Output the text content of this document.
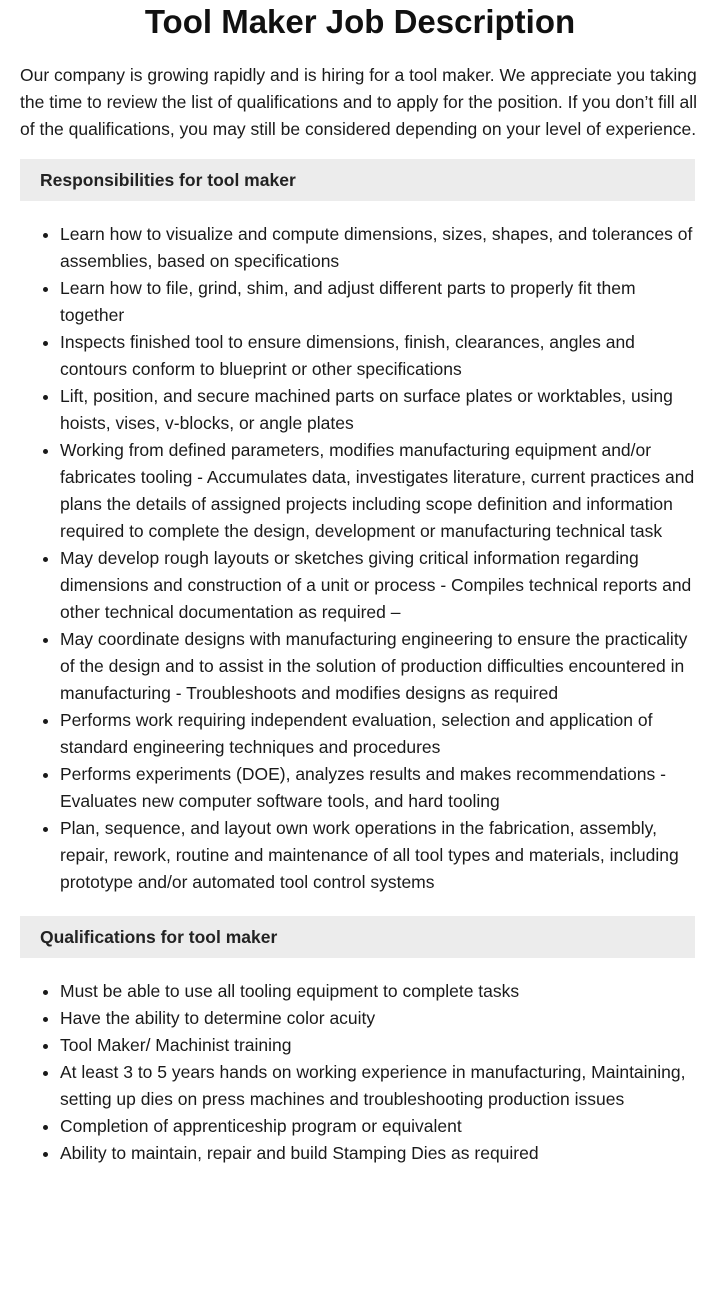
Tool Maker Job Description

Our company is growing rapidly and is hiring for a tool maker. We appreciate you taking the time to review the list of qualifications and to apply for the position. If you don’t fill all of the qualifications, you may still be considered depending on your level of experience.

Responsibilities for tool maker
• Learn how to visualize and compute dimensions, sizes, shapes, and tolerances of assemblies, based on specifications
• Learn how to file, grind, shim, and adjust different parts to properly fit them together
• Inspects finished tool to ensure dimensions, finish, clearances, angles and contours conform to blueprint or other specifications
• Lift, position, and secure machined parts on surface plates or worktables, using hoists, vises, v-blocks, or angle plates
• Working from defined parameters, modifies manufacturing equipment and/or fabricates tooling - Accumulates data, investigates literature, current practices and plans the details of assigned projects including scope definition and information required to complete the design, development or manufacturing technical task
• May develop rough layouts or sketches giving critical information regarding dimensions and construction of a unit or process - Compiles technical reports and other technical documentation as required –
• May coordinate designs with manufacturing engineering to ensure the practicality of the design and to assist in the solution of production difficulties encountered in manufacturing - Troubleshoots and modifies designs as required
• Performs work requiring independent evaluation, selection and application of standard engineering techniques and procedures
• Performs experiments (DOE), analyzes results and makes recommendations - Evaluates new computer software tools, and hard tooling
• Plan, sequence, and layout own work operations in the fabrication, assembly, repair, rework, routine and maintenance of all tool types and materials, including prototype and/or automated tool control systems
Qualifications for tool maker
• Must be able to use all tooling equipment to complete tasks
• Have the ability to determine color acuity
• Tool Maker/ Machinist training
• At least 3 to 5 years hands on working experience in manufacturing, Maintaining, setting up dies on press machines and troubleshooting production issues
• Completion of apprenticeship program or equivalent
• Ability to maintain, repair and build Stamping Dies as required
